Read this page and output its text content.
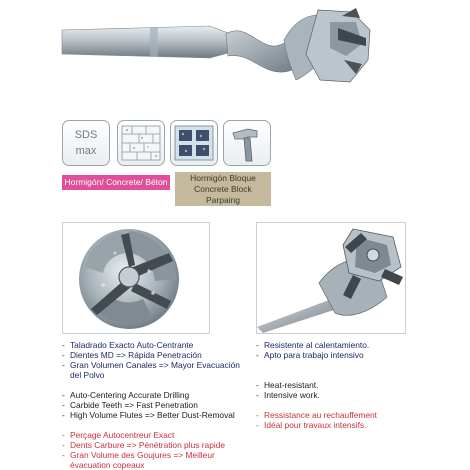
SDS
max
Hormigón/ Concrete/ Béton	Hormigón Bloque
Concrete Block
Parpaing
- Taladrado Exacto Auto-Centrante
- Dientes MD => Rápida Penetración
- Gran Volumen Canales => Mayor Evacuación del Polvo
- Auto-Centering Accurate Drilling
- Carbide Teeth => Fast Penetration
- High Volume Flutes => Better Dust-Removal
- Perçage Autocentreur Exact
- Dents Carbure => Pénétration plus rapide
- Gran Volume des Goujures => Meilleur évacuation copeaux
- Resistente al calentamiento.
- Apto para trabajo intensivo
- Heat-resistant.
- Intensive work.
- Ressistance au rechauffement
- Idéal pour travaux intensifs.
